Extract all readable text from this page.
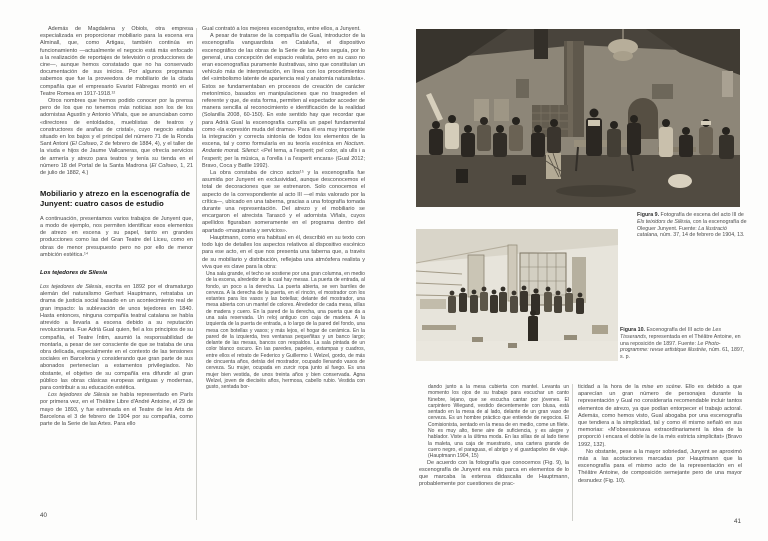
Además de Magdalena y Obiols, otra empresa especializada en proporcionar mobiliario para la escena era Alminall, que, como Artigau, también continúa en funcionamiento —actualmente el negocio está más enfocado a la realización de reportajes de televisión o producciones de cine—, aunque hemos constatado que no ha conservado documentación de sus inicios. Por algunos programas sabemos que fue la proveedora de mobiliario de la citada compañía que el empresario Evarist Fàbregas montó en el Teatre Romea en 1917-1918.¹²

Otros nombres que hemos podido conocer por la prensa pero de los que no tenemos más noticias son los de los adornistas Agustín y Antonio Viñals, que se anunciaban como «directores de entoldados, mueblistas de teatros y constructores de arañas de cristal», cuyo negocio estaba situado en los bajos y el principal del número 71 de la Ronda Sant Antoni (El Coliseo, 2 de febrero de 1884, 4), y el taller de la viuda e hijos de Jaume Vallcaneras, que ofrecía servicios de armería y atrezo para teatros y tenía su tienda en el número 18 del Portal de la Santa Madrona (El Coliseo, 1, 21 de julio de 1882, 4.)

Mobiliario y atrezo en la escenografía de Junyent: cuatro casos de estudio

A continuación, presentamos varios trabajos de Junyent que, a modo de ejemplo, nos permiten identificar esos elementos de atrezo en escena y su papel, tanto en grandes producciones como las del Gran Teatre del Liceu, como en obras de menor presupuesto pero no por ello de menor ambición estética.¹⁴

Los tejedores de Silesia

Los tejedores de Silesia, escrita en 1892 por el dramaturgo alemán del naturalismo Gerhart Hauptmann, retrataba un drama de justicia social basado en un acontecimiento real de gran impacto: la sublevación de unos tejedores en 1840. Hasta entonces, ninguna compañía teatral catalana se había atrevido a llevarla a escena debido a su reputación revolucionaria. Fue Adrià Gual quien, fiel a los principios de su compañía, el Teatre Íntim, asumió la responsabilidad de montarla, a pesar de ser consciente de que se trataba de una obra delicada, especialmente en el contexto de las tensiones sociales en Barcelona y considerando que gran parte de sus abonados pertenecían a estamentos privilegiados. No obstante, el objetivo de su compañía era difundir al gran público las obras clásicas europeas antiguas y modernas, para contribuir a su educación estética.

Los tejedores de Silesia se había representado en París por primera vez, en el Théâtre Libre d'André Antoine, el 29 de mayo de 1893, y fue estrenada en el Teatre de les Arts de Barcelona el 3 de febrero de 1904 por su compañía, como parte de la Serie de las Artes. Para ello

Gual contrató a los mejores escenógrafos, entre ellos, a Junyent.

A pesar de tratarse de la compañía de Gual, introductor de la escenografía vanguardista en Cataluña, el dispositivo escenográfico de las obras de la Serie de las Artes seguía, por lo general, una concepción del espacio realista, pero en su caso no eran escenografías puramente ilustrativas, sino que constituían un vehículo más de interpretación, en línea con los procedimientos del «simbolismo latente de apariencia real y anatomía naturalista». Estos se fundamentaban en procesos de creación de carácter metonímico, basados en manipulaciones que no trasgreden el referente y que, de esta forma, permiten al espectador acceder de manera sencilla al reconocimiento e identificación de la realidad (Solanilla 2008, 60-150). En este sentido hay que recordar que para Adrià Gual la escenografía cumplía un papel fundamental como «la expresión muda del drama». Para él era muy importante la integración y correcta sintonía de todos los elementos de la escena, tal y como formularía en su teoría escénica en Nocturn. Andante morat. Silenci: «Pel tema, a l'esperit; pel color, als ulls i a l'esperit; per la música, a l'orella i a l'esperit encara» (Gual 2012; Bravo, Coca y Batlle 1992).

La obra constaba de cinco actos¹⁵ y la escenografía fue asumida por Junyent en exclusividad, aunque desconocemos el total de decoraciones que se estrenaron. Solo conocemos el aspecto de la correspondiente al acto III —el más valorado por la crítica—, ubicado en una taberna, gracias a una fotografía tomada durante una representación. Del atrezo y el mobiliario se encargaron el atrecista Tarascó y el adornista Viñals, cuyos apellidos figuraban someramente en el programa dentro del apartado «maquinaria y servicios».

Hauptmann, como era habitual en él, describió en su texto con todo lujo de detalles los aspectos relativos al dispositivo escénico para ese acto, en el que nos presenta una taberna que, a través de su mobiliario y distribución, reflejaba una atmósfera realista y viva que es clave para la obra:

Una sala grande, el techo se sostiene por una gran columna, en medio de la escena, alrededor de la cual hay mesas. La puerta de entrada, al fondo, un poco a la derecha. La puerta abierta, se ven barriles de cerveza. A la derecha de la puerta, en el rincón, el mostrador con los estantes para los vasos y las botellas; delante del mostrador, una mesa abierta con un mantel de colores. Alrededor de cada mesa, sillas de madera y cuero. En la pared de la derecha, una puerta que da a una sala reservada. Un reloj antiguo con caja de madera. A la izquierda de la puerta de entrada, a lo largo de la pared del fondo, una mesa con botellas y vasos; y más lejos, el hogar de cerámica. En la pared de la izquierda, tres ventanas pequeñitas y un banco largo; delante de las mesas, bancos con respaldos. La sala pintada de un color blanco oscuro. En las paredes, papeles, estampas y cuadros, entre ellos el retrato de Federico y Guillermo I. Welzel, gordo, de más de cincuenta años, detrás del mostrador, ocupado llenando vasos de cerveza. Su mujer, ocupada en zurcir ropa junto al fuego. Es una mujer bien vestida, de unos treinta años y bien conservada. Agna Welzel, joven de dieciséis años, hermosa, cabello rubio. Vestida con gusto, sentada bor-

40
Figura 9. Fotografía de escena del acto III de Els teixidors de Silèsia, con la escenografía de Oleguer Junyent. Fuente: La Ilustració catalana, núm. 37, 14 de febrero de 1904, 13.
Figura 10. Escenografía del III acto de Les Tisserands, representada en el Théâtre Antoine, en una reposición de 1897. Fuente: Le Photo-programme: revue artistique illustrée, núm. 61, 1897, s. p.

dando junto a la mesa cubierta con mantel. Levanta un momento los ojos de su trabajo para escuchar un canto fúnebre, lejano, que se escucha cantar por jóvenes. El carpintero Wiegand, vestido decentemente con blusa, está sentado en la mesa de al lado, delante de un gran vaso de cerveza. Es un hombre práctico que entiende de negocios. El Comisionista, sentado en la mesa de en medio, come un filete. No es muy alto, tiene aire de suficiencia, y es alegre y hablador. Viste a la última moda. En las sillas de al lado tiene la maleta, una caja de muestrario, una cartera grande de cuero negro, el paraguas, el abrigo y el guardapolvo de viaje. (Hauptmann 1904, 15)

De acuerdo con la fotografía que conocemos (Fig. 9), la escenografía de Junyent era más parca en elementos de lo que marcaba la extensa didascalia de Hauptmann, probablemente por cuestiones de prac-

ticidad a la hora de la mise en scène. Ello es debido a que aparecían un gran número de personajes durante la representación y Gual no consideraría recomendable incluir tantos elementos de atrezo, ya que podían entorpecer el trabajo actoral. Además, como hemos visto, Gual abogaba por una escenografía que tendiera a la simplicidad, tal y como él mismo señaló en sus memorias: «M'obsessionava extraordinariament la idea de la proporció i encara el doble la de la més estricta simplicitat» (Bravo 1992, 132).

No obstante, pese a la mayor sobriedad, Junyent se aproximó más a las acotaciones marcadas por Hauptmann que la escenografía para el mismo acto de la representación en el Théâtre Antoine, de composición semejante pero de una mayor desnudez (Fig. 10).

41
